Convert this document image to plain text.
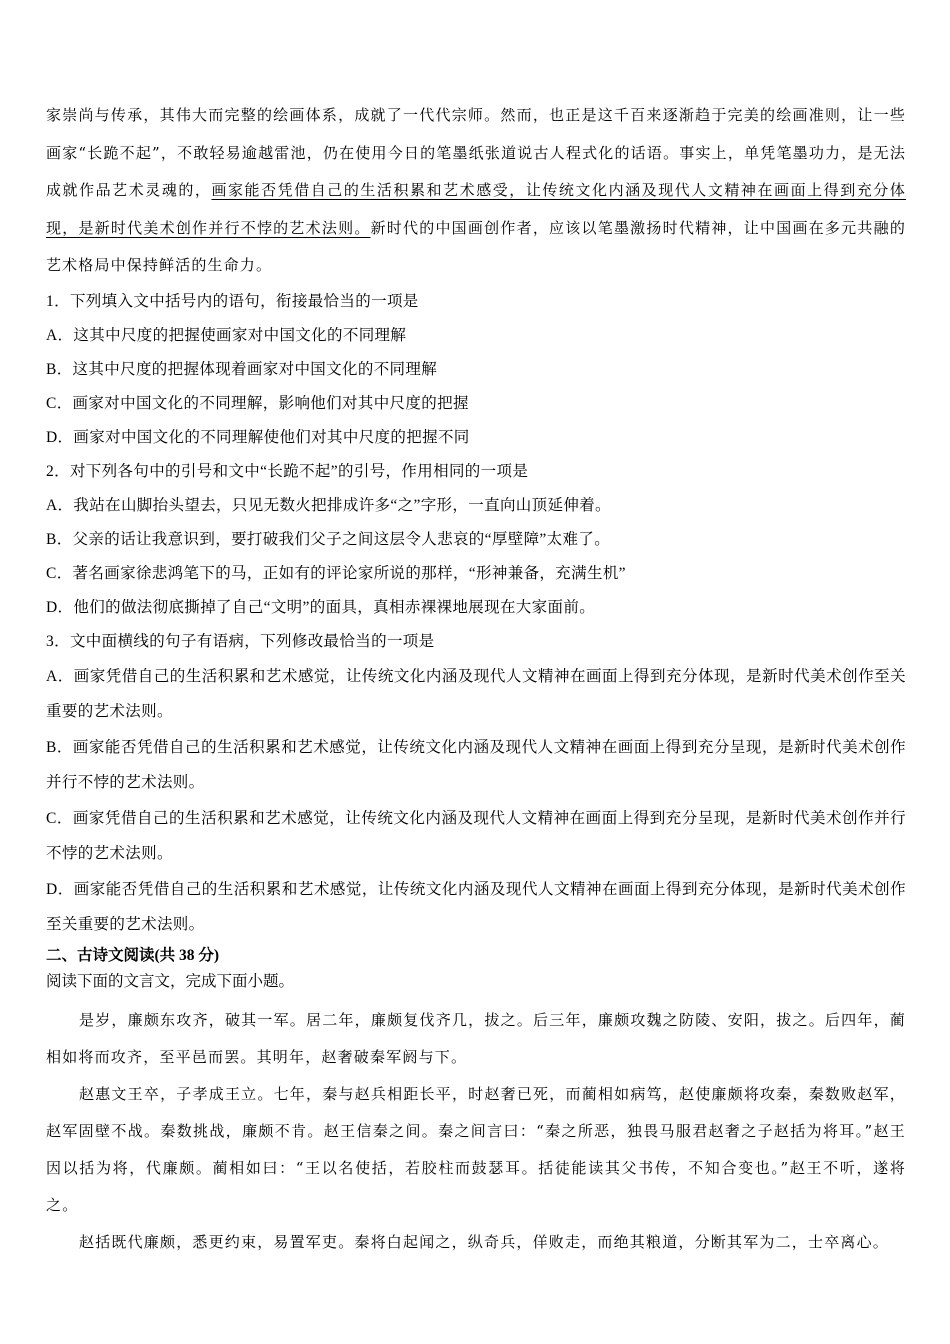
家崇尚与传承，其伟大而完整的绘画体系，成就了一代代宗师。然而，也正是这千百来逐渐趋于完美的绘画准则，让一些画家“长跪不起”，不敢轻易逾越雷池，仍在使用今日的笔墨纸张道说古人程式化的话语。事实上，单凭笔墨功力，是无法成就作品艺术灵魂的，画家能否凭借自己的生活积累和艺术感受，让传统文化内涵及现代人文精神在画面上得到充分体现，是新时代美术创作并行不悖的艺术法则。新时代的中国画创作者，应该以笔墨激扬时代精神，让中国画在多元共融的艺术格局中保持鲜活的生命力。

1．下列填入文中括号内的语句，衔接最恰当的一项是

A．这其中尺度的把握使画家对中国文化的不同理解

B．这其中尺度的把握体现着画家对中国文化的不同理解

C．画家对中国文化的不同理解，影响他们对其中尺度的把握

D．画家对中国文化的不同理解使他们对其中尺度的把握不同

2．对下列各句中的引号和文中“长跪不起”的引号，作用相同的一项是

A．我站在山脚抬头望去，只见无数火把排成许多“之”字形，一直向山顶延伸着。

B．父亲的话让我意识到，要打破我们父子之间这层令人悲哀的“厚壁障”太难了。

C．著名画家徐悲鸿笔下的马，正如有的评论家所说的那样，“形神兼备，充满生机”

D．他们的做法彻底撕掉了自己“文明”的面具，真相赤裸裸地展现在大家面前。

3．文中面横线的句子有语病，下列修改最恰当的一项是

A．画家凭借自己的生活积累和艺术感觉，让传统文化内涵及现代人文精神在画面上得到充分体现，是新时代美术创作至关重要的艺术法则。

B．画家能否凭借自己的生活积累和艺术感觉，让传统文化内涵及现代人文精神在画面上得到充分呈现，是新时代美术创作并行不悖的艺术法则。

C．画家凭借自己的生活积累和艺术感觉，让传统文化内涵及现代人文精神在画面上得到充分呈现，是新时代美术创作并行不悖的艺术法则。

D．画家能否凭借自己的生活积累和艺术感觉，让传统文化内涵及现代人文精神在画面上得到充分体现，是新时代美术创作至关重要的艺术法则。

二、古诗文阅读(共 38 分)

阅读下面的文言文，完成下面小题。

是岁，廉颇东攻齐，破其一军。居二年，廉颇复伐齐几，拔之。后三年，廉颇攻魏之防陵、安阳，拔之。后四年，蔺相如将而攻齐，至平邑而罢。其明年，赵奢破秦军阏与下。

赵惠文王卒，子孝成王立。七年，秦与赵兵相距长平，时赵奢已死，而蔺相如病笃，赵使廉颇将攻秦，秦数败赵军，赵军固壁不战。秦数挑战，廉颇不肯。赵王信秦之间。秦之间言曰：“秦之所恶，独畏马服君赵奢之子赵括为将耳。”赵王因以括为将，代廉颇。蔺相如曰：“王以名使括，若胶柱而鼓瑟耳。括徒能读其父书传，不知合变也。”赵王不听，遂将之。

赵括既代廉颇，悉更约束，易置军吏。秦将白起闻之，纵奇兵，佯败走，而绝其粮道，分断其军为二，士卒离心。
